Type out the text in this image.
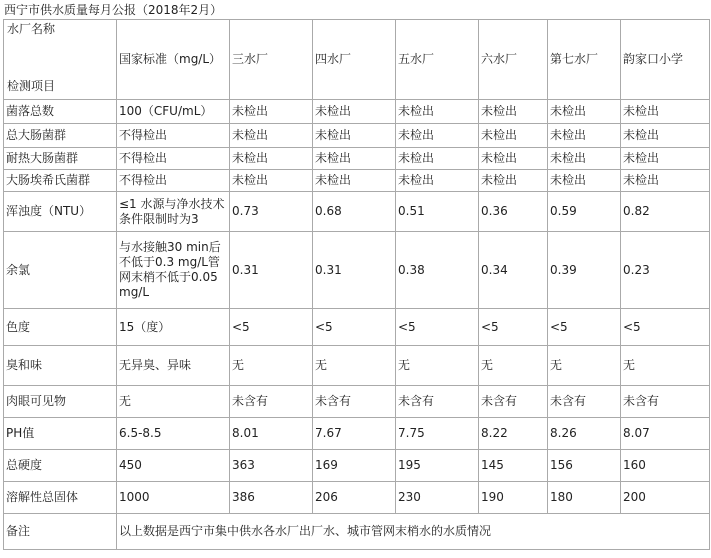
西宁市供水质量每月公报（2018年2月）
水厂名称
检测项目	国家标准（mg/L）	三水厂	四水厂	五水厂	六水厂	第七水厂	韵家口小学
菌落总数	100（CFU/mL）	未检出	未检出	未检出	未检出	未检出	未检出
总大肠菌群	不得检出	未检出	未检出	未检出	未检出	未检出	未检出
耐热大肠菌群	不得检出	未检出	未检出	未检出	未检出	未检出	未检出
大肠埃希氏菌群	不得检出	未检出	未检出	未检出	未检出	未检出	未检出
浑浊度（NTU）	≤1 水源与净水技术条件限制时为3	0.73	0.68	0.51	0.36	0.59	0.82
余氯	与水接触30 min后不低于0.3 mg/L管网末梢不低于0.05 mg/L	0.31	0.31	0.38	0.34	0.39	0.23
色度	15（度）	<5	<5	<5	<5	<5	<5
臭和味	无异臭、异味	无	无	无	无	无	无
肉眼可见物	无	未含有	未含有	未含有	未含有	未含有	未含有
PH值	6.5-8.5	8.01	7.67	7.75	8.22	8.26	8.07
总硬度	450	363	169	195	145	156	160
溶解性总固体	1000	386	206	230	190	180	200
备注	以上数据是西宁市集中供水各水厂出厂水、城市管网末梢水的水质情况						
